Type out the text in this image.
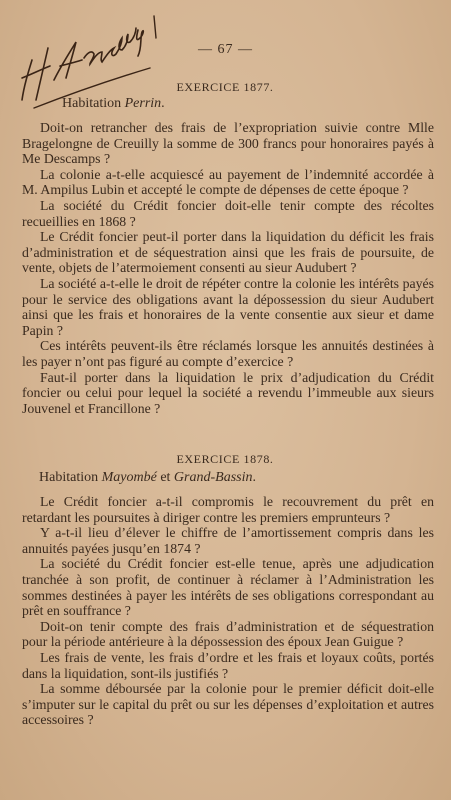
— 67 —
EXERCICE 1877.
Habitation Perrin.

Doit-on retrancher des frais de l’expropriation suivie contre Mlle Bragelongne de Creuilly la somme de 300 francs pour honoraires payés à Me Descamps ?

La colonie a-t-elle acquiescé au payement de l’indemnité accordée à M. Ampilus Lubin et accepté le compte de dépenses de cette époque ?

La société du Crédit foncier doit-elle tenir compte des récoltes recueillies en 1868 ?

Le Crédit foncier peut-il porter dans la liquidation du déficit les frais d’administration et de séquestration ainsi que les frais de poursuite, de vente, objets de l’atermoiement consenti au sieur Audubert ?

La société a-t-elle le droit de répéter contre la colonie les intérêts payés pour le service des obligations avant la dépossession du sieur Audubert ainsi que les frais et honoraires de la vente consentie aux sieur et dame Papin ?

Ces intérêts peuvent-ils être réclamés lorsque les annuités destinées à les payer n’ont pas figuré au compte d’exercice ?

Faut-il porter dans la liquidation le prix d’adjudication du Crédit foncier ou celui pour lequel la société a revendu l’immeuble aux sieurs Jouvenel et Francillone ?

EXERCICE 1878.
Habitation Mayombé et Grand-Bassin.

Le Crédit foncier a-t-il compromis le recouvrement du prêt en retardant les poursuites à diriger contre les premiers emprunteurs ?

Y a-t-il lieu d’élever le chiffre de l’amortissement compris dans les annuités payées jusqu’en 1874 ?

La société du Crédit foncier est-elle tenue, après une adjudication tranchée à son profit, de continuer à réclamer à l’Administration les sommes destinées à payer les intérêts de ses obligations correspondant au prêt en souffrance ?

Doit-on tenir compte des frais d’administration et de séquestration pour la période antérieure à la dépossession des époux Jean Guigue ?

Les frais de vente, les frais d’ordre et les frais et loyaux coûts, portés dans la liquidation, sont-ils justifiés ?

La somme déboursée par la colonie pour le premier déficit doit-elle s’imputer sur le capital du prêt ou sur les dépenses d’exploitation et autres accessoires ?
